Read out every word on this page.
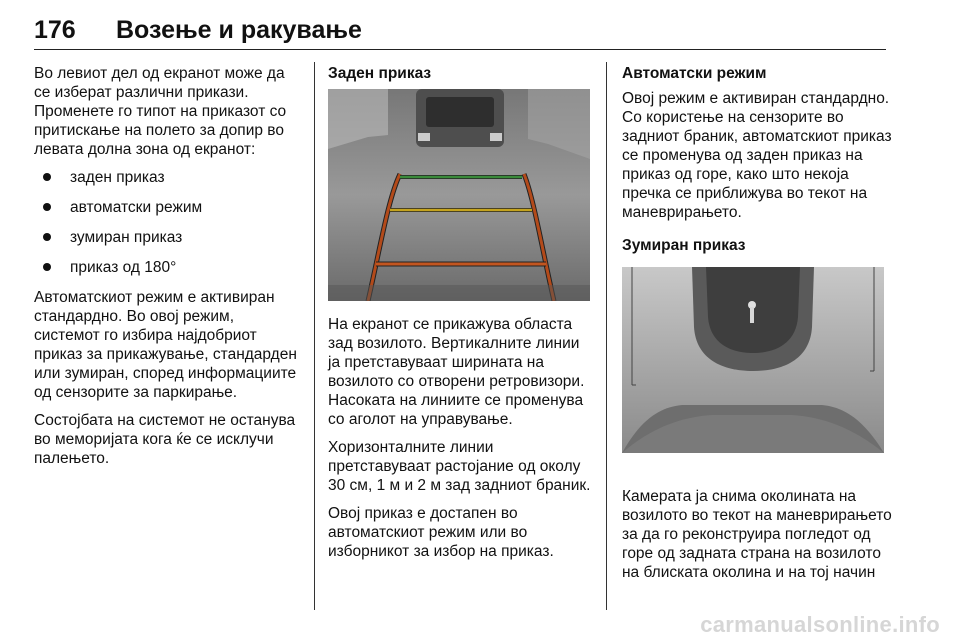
176	Возење и ракување

Во левиот дел од екранот може да се изберат различни прикази. Променете го типот на приказот со притискање на полето за допир во левата долна зона од екранот:

заден приказ
автоматски режим
зумиран приказ
приказ од 180°

Автоматскиот режим е активиран стандардно. Во овој режим, системот го избира најдобриот приказ за прикажување, стандарден или зумиран, според информациите од сензорите за паркирање.

Состојбата на системот не останува во меморијата кога ќе се исклучи палењето.

Заден приказ

На екранот се прикажува областа зад возилото. Вертикалните линии ја претставуваат ширината на возилото со отворени ретровизори. Насоката на линиите се променува со аголот на управување.

Хоризонталните линии претставуваат растојание од околу 30 см, 1 м и 2 м зад задниот браник.

Овој приказ е достапен во автоматскиот режим или во изборникот за избор на приказ.

Автоматски режим

Овој режим е активиран стандардно. Со користење на сензорите во задниот браник, автоматскиот приказ се променува од заден приказ на приказ од горе, како што некоја пречка се приближува во текот на маневрирањето.

Зумиран приказ

Камерата ја снима околината на возилото во текот на маневрирањето за да го реконструира погледот од горе од задната страна на возилото на блиската околина и на тој начин

carmanualsonline.info
